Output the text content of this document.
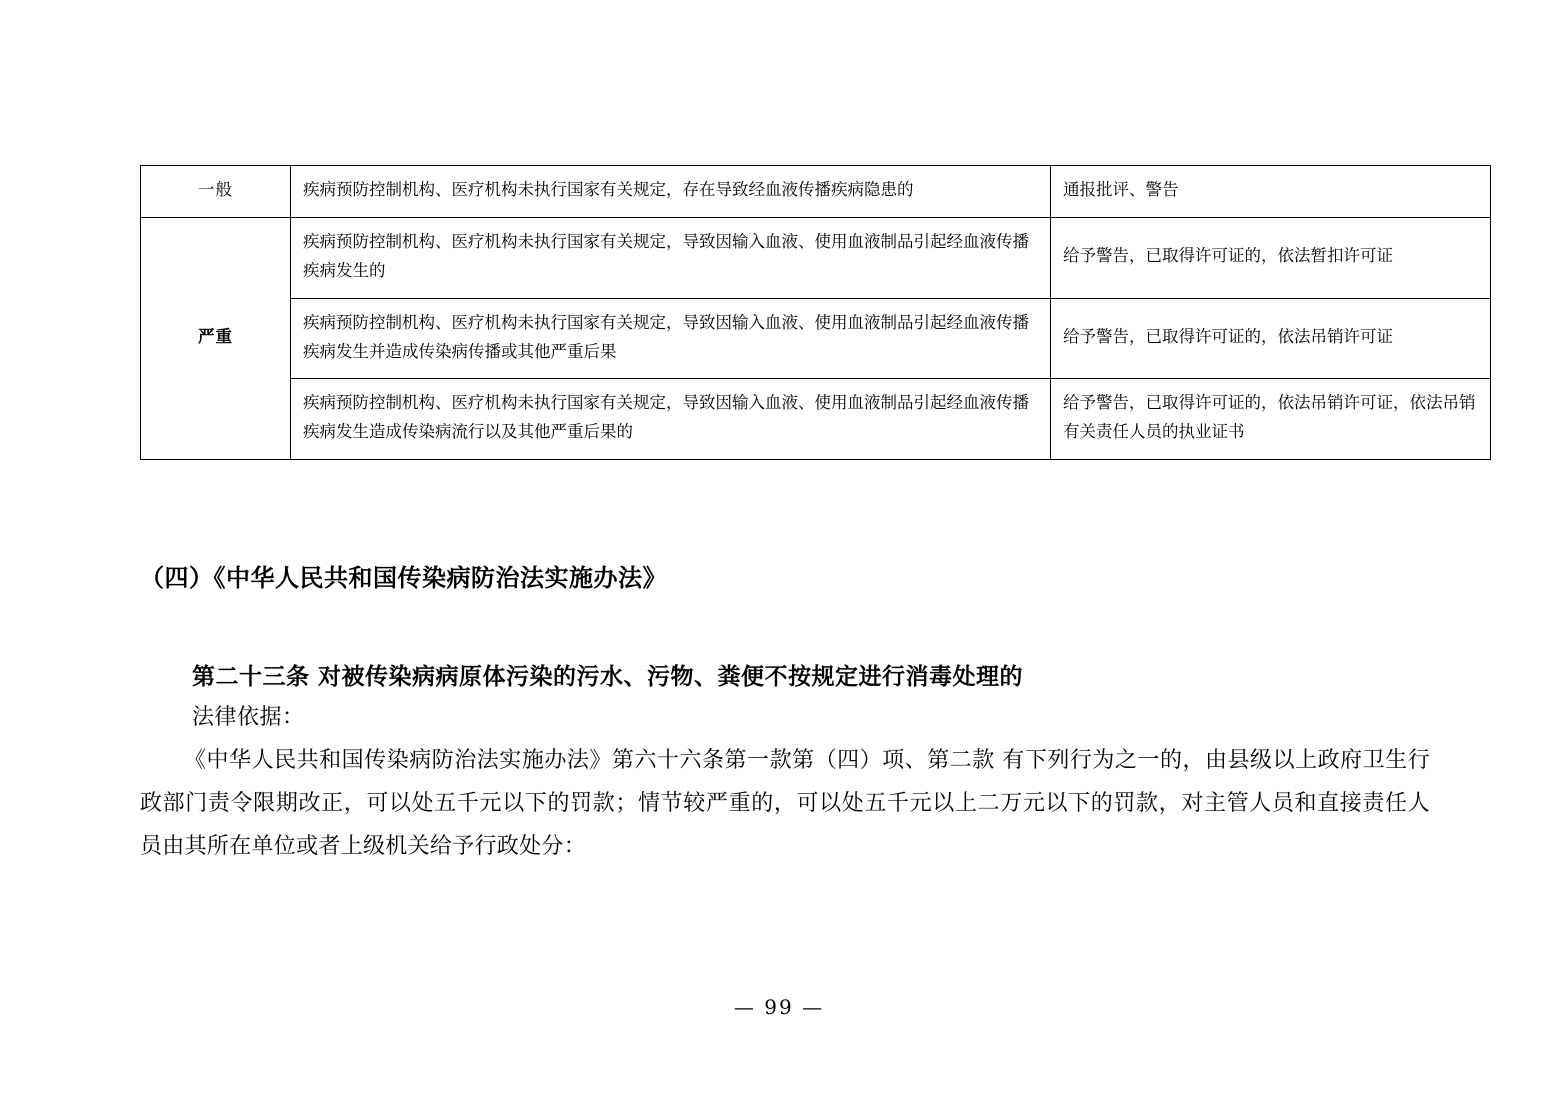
一般	疾病预防控制机构、医疗机构未执行国家有关规定，存在导致经血液传播疾病隐患的	通报批评、警告
严重	疾病预防控制机构、医疗机构未执行国家有关规定，导致因输入血液、使用血液制品引起经血液传播疾病发生的	给予警告，已取得许可证的，依法暂扣许可证
	疾病预防控制机构、医疗机构未执行国家有关规定，导致因输入血液、使用血液制品引起经血液传播疾病发生并造成传染病传播或其他严重后果	给予警告，已取得许可证的，依法吊销许可证
	疾病预防控制机构、医疗机构未执行国家有关规定，导致因输入血液、使用血液制品引起经血液传播疾病发生造成传染病流行以及其他严重后果的	给予警告，已取得许可证的，依法吊销许可证，依法吊销有关责任人员的执业证书
（四）《中华人民共和国传染病防治法实施办法》
第二十三条 对被传染病病原体污染的污水、污物、粪便不按规定进行消毒处理的
法律依据：
《中华人民共和国传染病防治法实施办法》第六十六条第一款第（四）项、第二款 有下列行为之一的，由县级以上政府卫生行政部门责令限期改正，可以处五千元以下的罚款；情节较严重的，可以处五千元以上二万元以下的罚款，对主管人员和直接责任人员由其所在单位或者上级机关给予行政处分：
— 99 —
